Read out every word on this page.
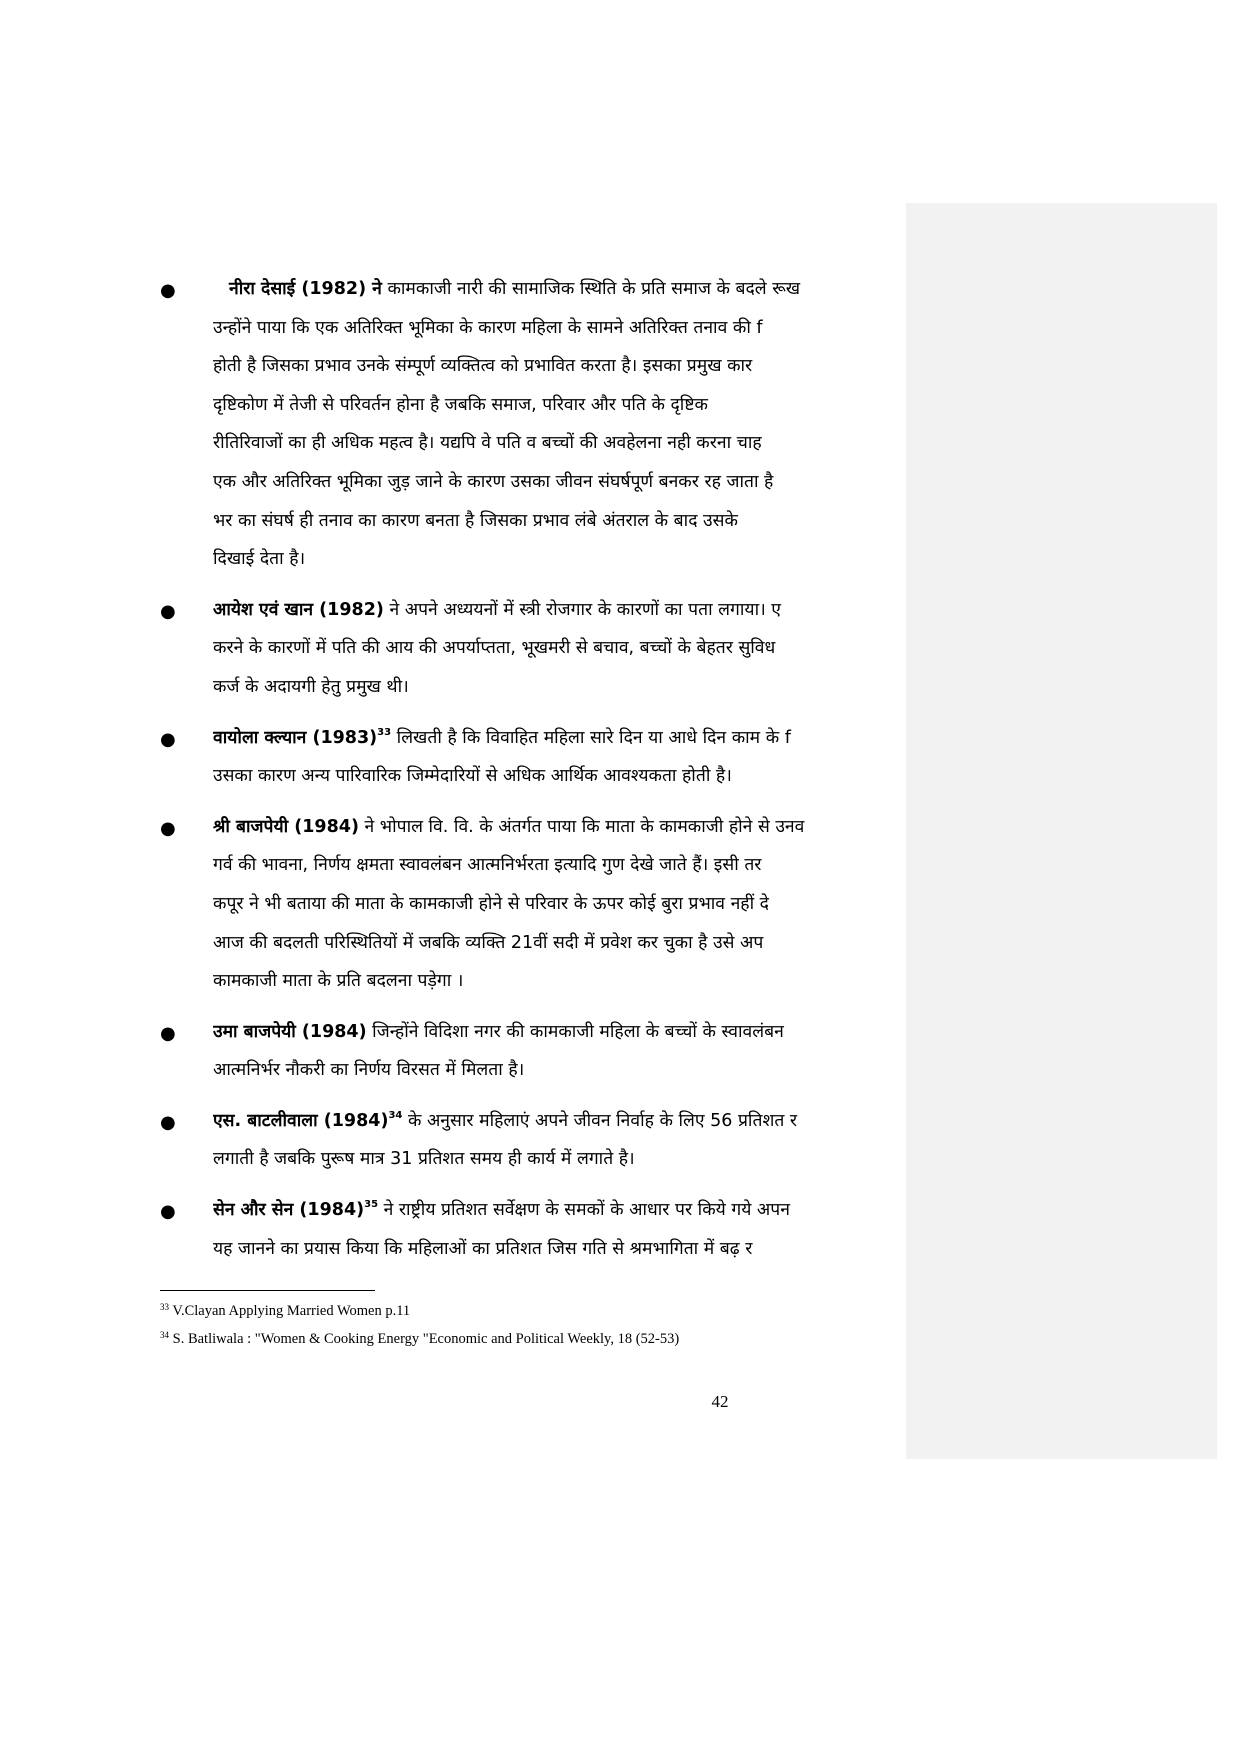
●	नीरा देसाई (1982) ने कामकाजी नारी की सामाजिक स्थिति के प्रति समाज के बदले रूख
उन्होंने पाया कि एक अतिरिक्त भूमिका के कारण महिला के सामने अतिरिक्त तनाव की f
होती है जिसका प्रभाव उनके संम्पूर्ण व्यक्तित्व को प्रभावित करता है। इसका प्रमुख कार
दृष्टिकोण में तेजी से परिवर्तन होना है जबकि समाज, परिवार और पति के दृष्टिक
रीतिरिवाजों का ही अधिक महत्व है। यद्यपि वे पति व बच्चों की अवहेलना नही करना चाह
एक और अतिरिक्त भूमिका जुड़ जाने के कारण उसका जीवन संघर्षपूर्ण बनकर रह जाता है
भर का संघर्ष ही तनाव का कारण बनता है जिसका प्रभाव लंबे अंतराल के बाद उसके
दिखाई देता है।
● आयेश एवं खान (1982) ने अपने अध्ययनों में स्त्री रोजगार के कारणों का पता लगाया। ए
करने के कारणों में पति की आय की अपर्याप्तता, भूखमरी से बचाव, बच्चों के बेहतर सुविध
कर्ज के अदायगी हेतु प्रमुख थी।
● वायोला क्ल्यान $(1983)^{33}$ लिखती है कि विवाहित महिला सारे दिन या आधे दिन काम के f
उसका कारण अन्य पारिवारिक जिम्मेदारियों से अधिक आर्थिक आवश्यकता होती है।
● श्री बाजपेयी (1984) ने भोपाल वि. वि. के अंतर्गत पाया कि माता के कामकाजी होने से उनव
गर्व की भावना, निर्णय क्षमता स्वावलंबन आत्मनिर्भरता इत्यादि गुण देखे जाते हैं। इसी तर
कपूर ने भी बताया की माता के कामकाजी होने से परिवार के ऊपर कोई बुरा प्रभाव नहीं दे
आज की बदलती परिस्थितियों में जबकि व्यक्ति 21वीं सदी में प्रवेश कर चुका है उसे अप
कामकाजी माता के प्रति बदलना पड़ेगा ।
● उमा बाजपेयी (1984) जिन्होंने विदिशा नगर की कामकाजी महिला के बच्चों के स्वावलंबन
आत्मनिर्भर नौकरी का निर्णय विरसत में मिलता है।
● एस. बाटलीवाला $(1984)^{34}$ के अनुसार महिलाएं अपने जीवन निर्वाह के लिए 56 प्रतिशत र
लगाती है जबकि पुरूष मात्र 31 प्रतिशत समय ही कार्य में लगाते है।
● सेन और सेन $(1984)^{35}$ ने राष्ट्रीय प्रतिशत सर्वेक्षण के समकों के आधार पर किये गये अपन
यह जानने का प्रयास किया कि महिलाओं का प्रतिशत जिस गति से श्रमभागिता में बढ़ र
$^{33}$ V.Clayan Applying Married Women p.11
$^{34}$ S. Batliwala : "Women & Cooking Energy "Economic and Political Weekly, 18 (52-53)
42
